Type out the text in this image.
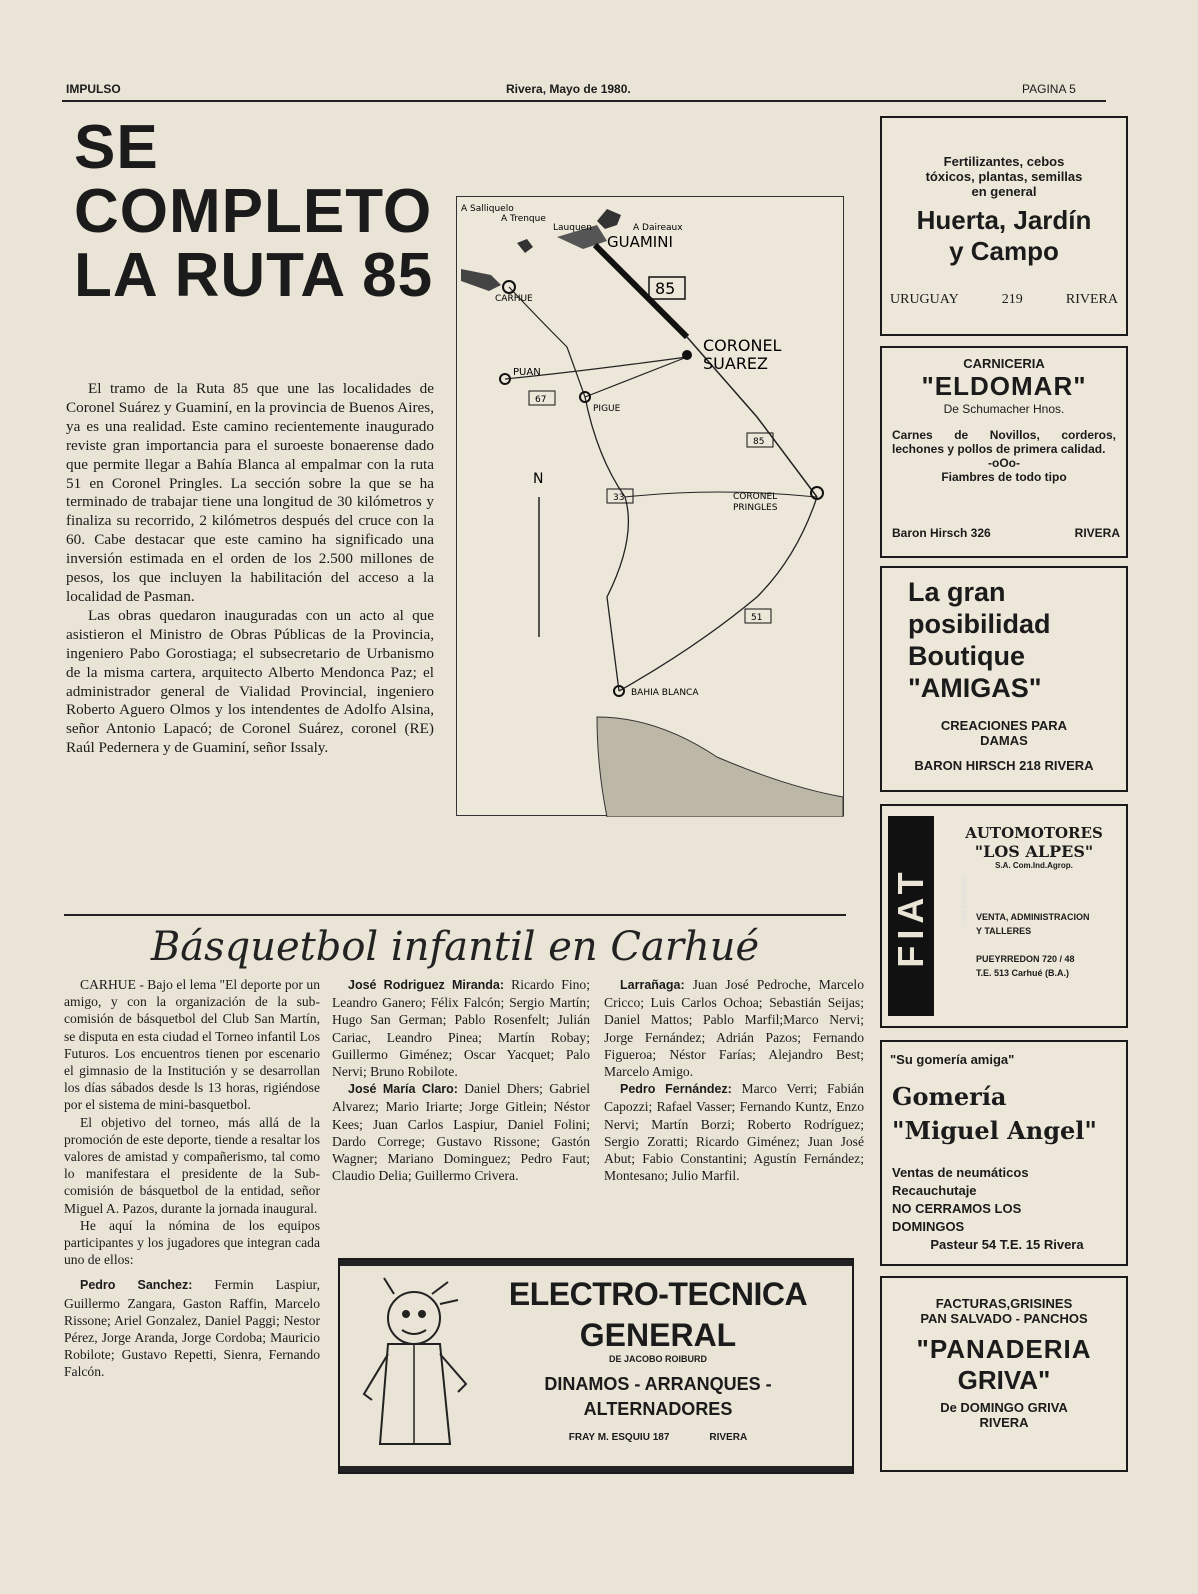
IMPULSO	Rivera, Mayo de 1980.	PAGINA 5
SE COMPLETO
LA RUTA 85

El tramo de la Ruta 85 que une las localidades de Coronel Suárez y Guaminí, en la provincia de Buenos Aires, ya es una realidad. Este camino recientemente inaugurado reviste gran importancia para el suroeste bonaerense dado que permite llegar a Bahía Blanca al empalmar con la ruta 51 en Coronel Pringles. La sección sobre la que se ha terminado de trabajar tiene una longitud de 30 kilómetros y finaliza su recorrido, 2 kilómetros después del cruce con la 60. Cabe destacar que este camino ha significado una inversión estimada en el orden de los 2.500 millones de pesos, los que incluyen la habilitación del acceso a la localidad de Pasman.

Las obras quedaron inauguradas con un acto al que asistieron el Ministro de Obras Públicas de la Provincia, ingeniero Pabo Gorostiaga; el subsecretario de Urbanismo de la misma cartera, arquitecto Alberto Mendonca Paz; el administrador general de Vialidad Provincial, ingeniero Roberto Aguero Olmos y los intendentes de Adolfo Alsina, señor Antonio Lapacó; de Coronel Suárez, coronel (RE) Raúl Pedernera y de Guaminí, señor Issaly.

A Salliquelo
A Trenque
Lauquen	A Daireaux
GUAMINI
CARHUE
85
CORONEL
SUAREZ
PUAN
67
PIGUE
85
N
33	CORONEL
PRINGLES
51
BAHIA BLANCA
Básquetbol infantil en Carhué

CARHUE - Bajo el lema "El deporte por un amigo, y con la organización de la sub-comisión de básquetbol del Club San Martín, se disputa en esta ciudad el Torneo infantil Los Futuros. Los encuentros tienen por escenario el gimnasio de la Institución y se desarrollan los días sábados desde ls 13 horas, rigiéndose por el sistema de mini-basquetbol.

El objetivo del torneo, más allá de la promoción de este deporte, tiende a resaltar los valores de amistad y compañerismo, tal como lo manifestara el presidente de la Sub-comisión de básquetbol de la entidad, señor Miguel A. Pazos, durante la jornada inaugural.

He aquí la nómina de los equipos participantes y los jugadores que integran cada uno de ellos:

Pedro Sanchez: Fermin Laspiur, Guillermo Zangara, Gaston Raffin, Marcelo Rissone; Ariel Gonzalez, Daniel Paggi; Nestor Pérez, Jorge Aranda, Jorge Cordoba; Mauricio Robilote; Gustavo Repetti, Sienra, Fernando Falcón.

José Rodriguez Miranda: Ricardo Fino; Leandro Ganero; Félix Falcón; Sergio Martín; Hugo San German; Pablo Rosenfelt; Julián Cariac, Leandro Pinea; Martín Robay; Guillermo Giménez; Oscar Yacquet; Palo Nervi; Bruno Robilote.

José María Claro: Daniel Dhers; Gabriel Alvarez; Mario Iriarte; Jorge Gitlein; Néstor Kees; Juan Carlos Laspiur, Daniel Folini; Dardo Correge; Gustavo Rissone; Gastón Wagner; Mariano Dominguez; Pedro Faut; Claudio Delia; Guillermo Crivera.

Larrañaga: Juan José Pedroche, Marcelo Cricco; Luis Carlos Ochoa; Sebastián Seijas; Daniel Mattos; Pablo Marfil;Marco Nervi; Jorge Fernández; Adrián Pazos; Fernando Figueroa; Néstor Farías; Alejandro Best; Marcelo Amigo.

Pedro Fernández: Marco Verri; Fabián Capozzi; Rafael Vasser; Fernando Kuntz, Enzo Nervi; Martín Borzi; Roberto Rodríguez; Sergio Zoratti; Ricardo Giménez; Juan José Abut; Fabio Constantini; Agustín Fernández; Montesano; Julio Marfil.

ELECTRO-TECNICA
GENERAL
DE JACOBO ROIBURD
DINAMOS - ARRANQUES -
ALTERNADORES
FRAY M. ESQUIU 187	RIVERA
Fertilizantes, cebos
tóxicos, plantas, semillas
en general
Huerta, Jardín
y Campo
URUGUAY	219	RIVERA
CARNICERIA
"ELDOMAR"
De Schumacher Hnos.
Carnes de Novillos, corderos, lechones y pollos de primera calidad.
-oOo-
Fiambres de todo tipo
Baron Hirsch 326	RIVERA
La gran
posibilidad
Boutique
"AMIGAS"
CREACIONES PARA
DAMAS
BARON HIRSCH 218 RIVERA
FIAT	CONCESIONARIO
AUTOMOTORES
"LOS ALPES"
S.A. Com.Ind.Agrop.
VENTA, ADMINISTRACION
Y TALLERES
PUEYRREDON 720 / 48
T.E. 513 Carhué (B.A.)
"Su gomería amiga"
Gomería
"Miguel Angel"
Ventas de neumáticos
Recauchutaje
NO CERRAMOS LOS
DOMINGOS
Pasteur 54 T.E. 15 Rivera
FACTURAS,GRISINES
PAN SALVADO - PANCHOS
"PANADERIA
GRIVA"
De DOMINGO GRIVA
RIVERA
